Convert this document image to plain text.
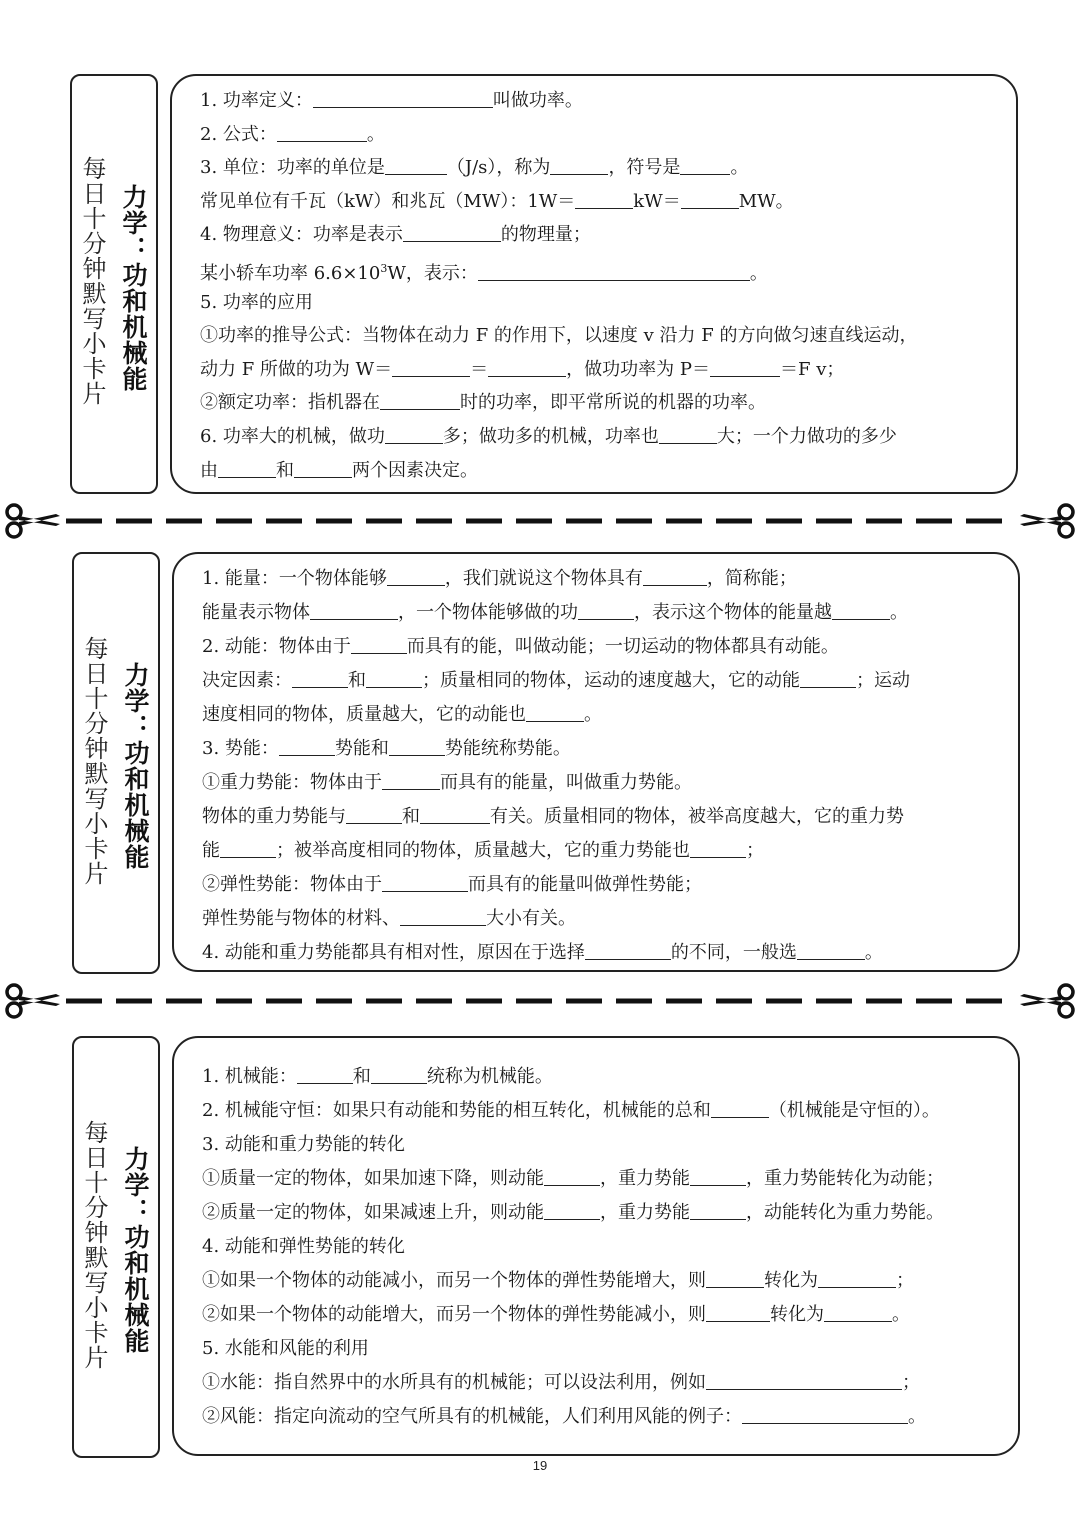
力学：功和机械能
每日十分钟默写小卡片
1. 功率定义：	叫做功率。
2. 公式：	。
3. 单位：功率的单位是	（J/s），称为	，符号是	。
常见单位有千瓦（kW）和兆瓦（MW）：1W＝	kW＝	MW。
4. 物理意义：功率是表示	的物理量；
某小轿车功率 $6.6\times 10^3W$，表示：	。
5. 功率的应用
①功率的推导公式：当物体在动力 F 的作用下，以速度 v 沿力 F 的方向做匀速直线运动，
动力 F 所做的功为 W＝	＝	，做功功率为 P＝	＝F v；
②额定功率：指机器在	时的功率，即平常所说的机器的功率。
6. 功率大的机械，做功	多；做功多的机械，功率也	大；一个力做功的多少
由	和	两个因素决定。
力学：功和机械能
每日十分钟默写小卡片
1. 能量：一个物体能够	，我们就说这个物体具有	，简称能；
能量表示物体	，一个物体能够做的功	，表示这个物体的能量越	。
2. 动能：物体由于	而具有的能，叫做动能；一切运动的物体都具有动能。
决定因素：	和	；质量相同的物体，运动的速度越大，它的动能	；运动
速度相同的物体，质量越大，它的动能也	。
3. 势能：	势能和	势能统称势能。
①重力势能：物体由于	而具有的能量，叫做重力势能。
物体的重力势能与	和	有关。质量相同的物体，被举高度越大，它的重力势
能	；被举高度相同的物体，质量越大，它的重力势能也	；
②弹性势能：物体由于	而具有的能量叫做弹性势能；
弹性势能与物体的材料、	大小有关。
4. 动能和重力势能都具有相对性，原因在于选择	的不同，一般选	。
力学：功和机械能
每日十分钟默写小卡片
1. 机械能：	和	统称为机械能。
2. 机械能守恒：如果只有动能和势能的相互转化，机械能的总和	（机械能是守恒的）。
3. 动能和重力势能的转化
①质量一定的物体，如果加速下降，则动能	，重力势能	，重力势能转化为动能；
②质量一定的物体，如果减速上升，则动能	，重力势能	，动能转化为重力势能。
4. 动能和弹性势能的转化
①如果一个物体的动能减小，而另一个物体的弹性势能增大，则	转化为	；
②如果一个物体的动能增大，而另一个物体的弹性势能减小，则	转化为	。
5. 水能和风能的利用
①水能：指自然界中的水所具有的机械能；可以设法利用，例如	；
②风能：指定向流动的空气所具有的机械能，人们利用风能的例子：	。
19
